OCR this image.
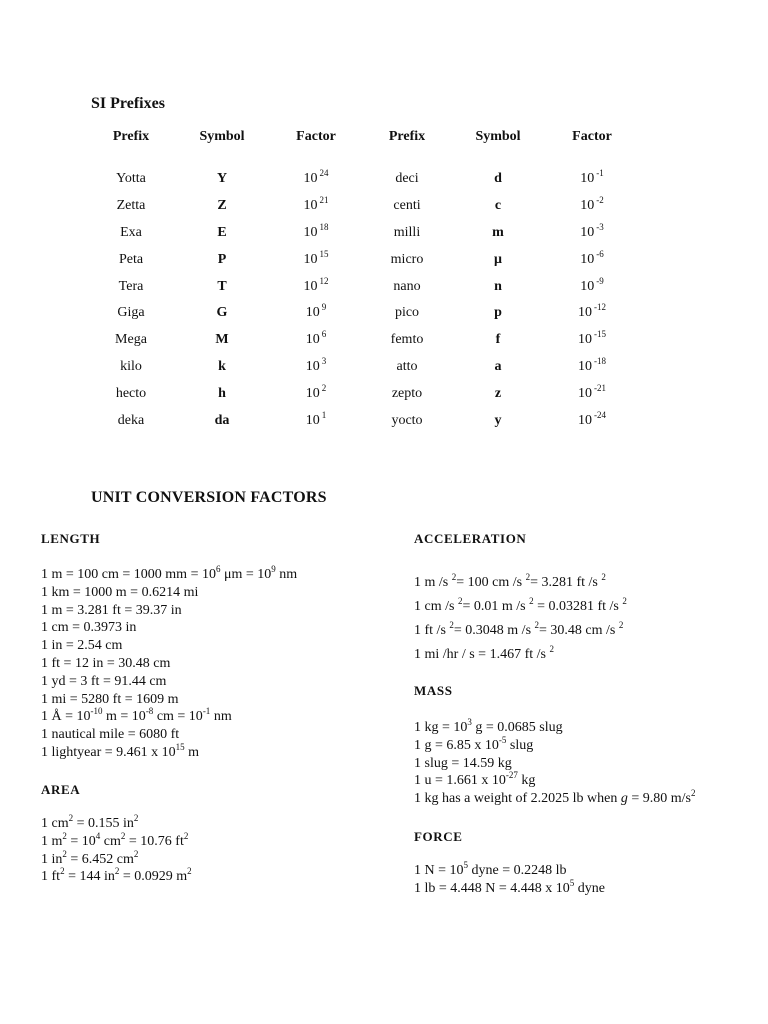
SI Prefixes
Prefix	Symbol	Factor	Prefix	Symbol	Factor

Yotta	Y	10 $^{24}$	deci	d	10 $^{-1}$
Zetta	Z	10 $^{21}$	centi	c	10 $^{-2}$
Exa	E	10 $^{18}$	milli	m	10 $^{-3}$
Peta	P	10 $^{15}$	micro	μ	10 $^{-6}$
Tera	T	10 $^{12}$	nano	n	10 $^{-9}$
Giga	G	10 $^9$	pico	p	10 $^{-12}$
Mega	M	10 $^6$	femto	f	10 $^{-15}$
kilo	k	10 $^3$	atto	a	10 $^{-18}$
hecto	h	10 $^2$	zepto	z	10 $^{-21}$
deka	da	10 $^1$	yocto	y	10 $^{-24}$
UNIT CONVERSION FACTORS
LENGTH
1 m = 100 cm = 1000 mm = $10^6$ $\mu m = 10^9$ nm
1 km = 1000 m = 0.6214 mi
1 m = 3.281 ft = 39.37 in
1 cm = 0.3973 in
1 in = 2.54 cm
1 ft = 12 in = 30.48 cm
1 yd = 3 ft = 91.44 cm
1 mi = 5280 ft = 1609 m
1 Å = $10^{-10}$ $m = 10^{-8}$ cm = $10^{-1}$ nm
1 nautical mile = 6080 ft
1 lightyear = 9.461 x $10^{15}$ m
AREA
1 $cm^2 = 0.155$ $in^2$
1 $m^2 = 10^4$ $cm^2 = 10.76$ $ft^2$
1 $in^2 = 6.452$ $cm^2$
1 $ft^2 = 144$ $in^2 = 0.0929$ $m^2$
ACCELERATION
1 m /s $^2$= 100 cm /s $^2$= 3.281 ft /s $^2$
1 cm /s $^2$= 0.01 m /s $^2$ = 0.03281 ft /s $^2$
1 ft /s $^2$= 0.3048 m /s $^2$= 30.48 cm /s $^2$
1 mi /hr / s = 1.467 ft /s $^2$
MASS
1 kg = $10^3$ g = 0.0685 slug
1 g = 6.85 x $10^{-5}$ slug
1 slug = 14.59 kg
1 u = 1.661 x $10^{-27}$ kg
1 kg has a weight of 2.2025 lb when g = 9.80 $m/s^2$
FORCE
1 $N = 10^5$ dyne = 0.2248 lb
1 lb = 4.448 N = 4.448 x $10^5$ dyne
